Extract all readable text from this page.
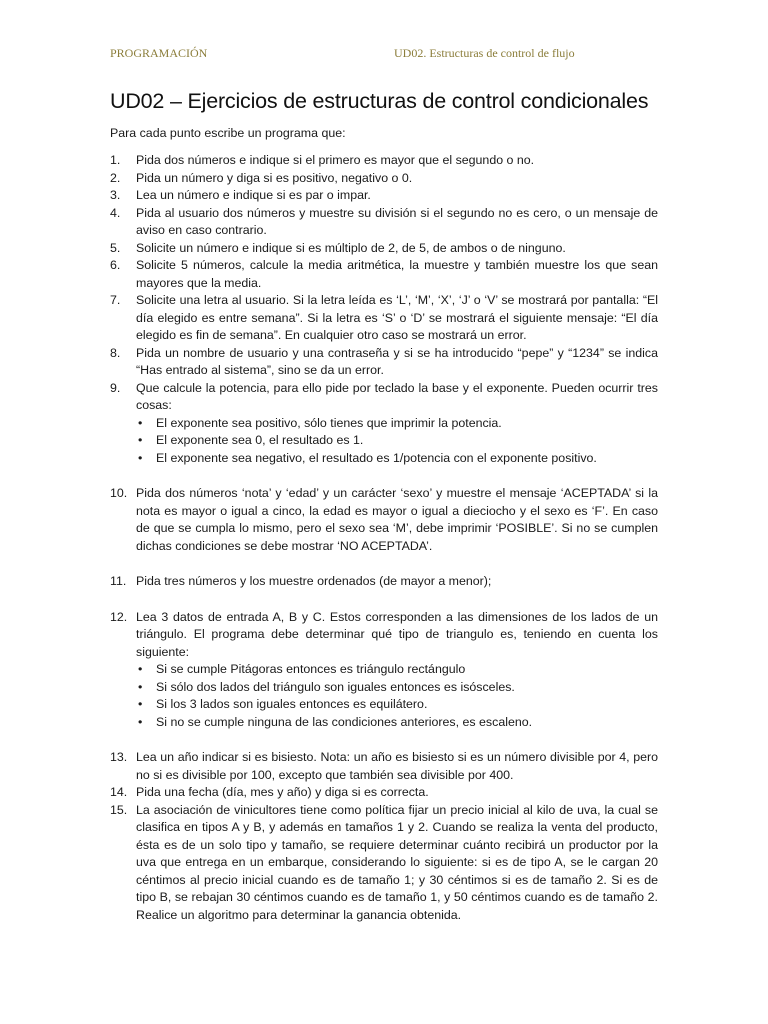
PROGRAMACIÓN	UD02. Estructuras de control de flujo
UD02 – Ejercicios de estructuras de control condicionales
Para cada punto escribe un programa que:
1.	Pida dos números e indique si el primero es mayor que el segundo o no.
2.	Pida un número y diga si es positivo, negativo o 0.
3.	Lea un número e indique si es par o impar.
4.	Pida al usuario dos números y muestre su división si el segundo no es cero, o un mensaje de aviso en caso contrario.
5.	Solicite un número e indique si es múltiplo de 2, de 5, de ambos o de ninguno.
6.	Solicite 5 números, calcule la media aritmética, la muestre y también muestre los que sean mayores que la media.
7.	Solicite una letra al usuario. Si la letra leída es ‘L’, ‘M’, ‘X’, ‘J’ o ‘V’ se mostrará por pantalla: “El día elegido es entre semana”. Si la letra es ‘S’ o ‘D’ se mostrará el siguiente mensaje: “El día elegido es fin de semana”. En cualquier otro caso se mostrará un error.
8.	Pida un nombre de usuario y una contraseña y si se ha introducido “pepe” y “1234” se indica “Has entrado al sistema”, sino se da un error.
9.	Que calcule la potencia, para ello pide por teclado la base y el exponente. Pueden ocurrir tres cosas:
• El exponente sea positivo, sólo tienes que imprimir la potencia.
• El exponente sea 0, el resultado es 1.
• El exponente sea negativo, el resultado es 1/potencia con el exponente positivo.
10. Pida dos números ‘nota’ y ‘edad’ y un carácter ‘sexo’ y muestre el mensaje ‘ACEPTADA’ si la nota es mayor o igual a cinco, la edad es mayor o igual a dieciocho y el sexo es ‘F’. En caso de que se cumpla lo mismo, pero el sexo sea ‘M’, debe imprimir ‘POSIBLE’. Si no se cumplen dichas condiciones se debe mostrar ‘NO ACEPTADA’.
11. Pida tres números y los muestre ordenados (de mayor a menor);
12. Lea 3 datos de entrada A, B y C. Estos corresponden a las dimensiones de los lados de un triángulo. El programa debe determinar qué tipo de triangulo es, teniendo en cuenta los siguiente:
• Si se cumple Pitágoras entonces es triángulo rectángulo
• Si sólo dos lados del triángulo son iguales entonces es isósceles.
• Si los 3 lados son iguales entonces es equilátero.
• Si no se cumple ninguna de las condiciones anteriores, es escaleno.
13. Lea un año indicar si es bisiesto. Nota: un año es bisiesto si es un número divisible por 4, pero no si es divisible por 100, excepto que también sea divisible por 400.
14. Pida una fecha (día, mes y año) y diga si es correcta.
15. La asociación de vinicultores tiene como política fijar un precio inicial al kilo de uva, la cual se clasifica en tipos A y B, y además en tamaños 1 y 2. Cuando se realiza la venta del producto, ésta es de un solo tipo y tamaño, se requiere determinar cuánto recibirá un productor por la uva que entrega en un embarque, considerando lo siguiente: si es de tipo A, se le cargan 20 céntimos al precio inicial cuando es de tamaño 1; y 30 céntimos si es de tamaño 2. Si es de tipo B, se rebajan 30 céntimos cuando es de tamaño 1, y 50 céntimos cuando es de tamaño 2. Realice un algoritmo para determinar la ganancia obtenida.
